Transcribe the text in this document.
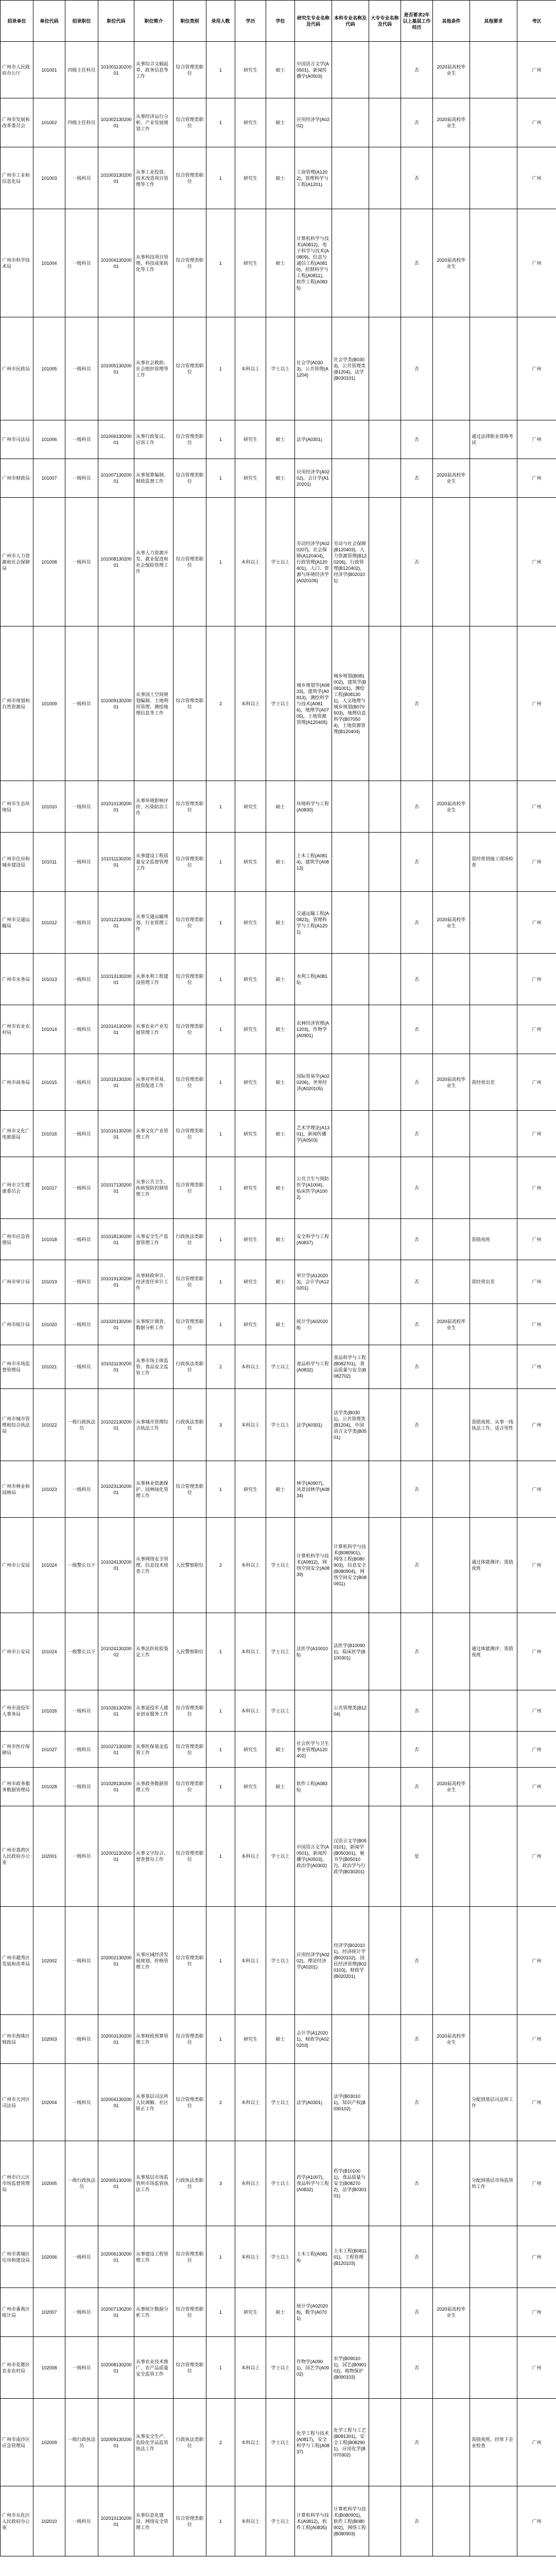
招录单位	单位代码	招录职位	职位代码	职位简介	职位类别	录用人数	学历	学位	研究生专业名称及代码	本科专业名称及代码	大专专业名称及代码	是否要求2年以上基层工作经历	其他条件	其他要求	考区
广州市人民政府办公厅	101001	四级主任科员	10100113020001	从事综合文稿起草、政务信息等工作	综合管理类职位	1	研究生	硕士	中国语言文学(A0501)，新闻传播学(A0503)			否	2020届高校毕业生		广州
广州市发展和改革委员会	101002	四级主任科员	10100213020001	从事经济运行分析、产业发展规划工作	综合管理类职位	1	研究生	硕士	应用经济学(A0202)			否	2020届高校毕业生		广州
广州市工业和信息化局	101003	一级科员	10100313020001	从事工业投资、技术改造项目管理等工作	综合管理类职位	1	研究生	硕士	工商管理(A1202)，管理科学与工程(A1201)			否			广州
广州市科学技术局	101004	一级科员	10100413020001	从事科技项目管理、科技成果转化等工作	综合管理类职位	1	研究生	硕士	计算机科学与技术(A0812)，电子科学与技术(A0809)，信息与通信工程(A0810)，控制科学与工程(A0811)，软件工程(A0835)			否	2020届高校毕业生		广州
广州市民政局	101005	一级科员	10100513020001	从事社会救助、社会组织管理等工作	综合管理类职位	1	本科以上	学士以上	社会学(A0303)，公共管理(A1204)	社会学类(B0303)，公共管理类(B1204)，法学(B030101)		否			广州
广州市司法局	101006	一级科员	10100613020001	从事行政复议、应诉工作	综合管理类职位	1	研究生	硕士	法学(A0301)			否		通过法律职业资格考试	广州
广州市财政局	101007	一级科员	10100713020001	从事预算编制、财政监督工作	综合管理类职位	1	研究生	硕士	应用经济学(A0202)，会计学(A120201)			否	2020届高校毕业生		广州
广州市人力资源和社会保障局	101008	一级科员	10100813020001	从事人力资源开发、就业促进和社会保险管理工作	综合管理类职位	1	本科以上	学士以上	劳动经济学(A020207)，社会保障(A120404)，行政管理(A120401)，人口、资源与环境经济学(A020106)	劳动与社会保障(B120403)，人力资源管理(B120206)，行政管理(B120402)，经济学(B020101)		否			广州
广州市规划和自然资源局	101009	一级科员	10100913020001	从事国土空间规划编制、土地利用管理、测绘地理信息等工作	综合管理类职位	2	本科以上	学士以上	城乡规划学(A0833)，建筑学(A0813)，测绘科学与技术(A0816)，地理学(A0705)，土地资源管理(A120405)	城乡规划(B081002)，建筑学(B081001)，测绘工程(B081301)，人文地理与城乡规划(B070503)，地理信息科学(B070504)，土地资源管理(B120404)		否			广州
广州市生态环境局	101010	一级科员	10101013020001	从事环境影响评价、污染防治工作	综合管理类职位	1	研究生	硕士	环境科学与工程(A0830)			否	2020届高校毕业生		广州
广州市住房和城乡建设局	101011	一级科员	10101113020001	从事建设工程质量安全监督管理工作	综合管理类职位	1	研究生	硕士	土木工程(A0814)，建筑学(A0813)			否		需经常到施工现场检查	广州
广州市交通运输局	101012	一级科员	10101213020001	从事交通运输规划、行业管理工作	综合管理类职位	1	研究生	硕士	交通运输工程(A0823)，管理科学与工程(A1201)			否	2020届高校毕业生		广州
广州市水务局	101013	一级科员	10101313020001	从事水利工程建设管理工作	综合管理类职位	1	研究生	硕士	水利工程(A0815)			否			广州
广州市农业农村局	101014	一级科员	10101413020001	从事农业产业发展管理工作	综合管理类职位	1	研究生	硕士	农林经济管理(A1203)，作物学(A0901)			否			广州
广州市商务局	101015	一级科员	10101513020001	从事对外贸易、投资促进工作	综合管理类职位	1	研究生	硕士	国际贸易学(A020206)，世界经济(A020105)			否	2020届高校毕业生	需经常出差	广州
广州市文化广电旅游局	101016	一级科员	10101613020001	从事文化产业管理工作	综合管理类职位	1	研究生	硕士	艺术学理论(A1301)，新闻传播学(A0503)			否			广州
广州市卫生健康委员会	101017	一级科员	10101713020001	从事公共卫生、疾病预防控制管理工作	综合管理类职位	1	研究生	硕士	公共卫生与预防医学(A1004)，临床医学(A1002)			否			广州
广州市应急管理局	101018	一级科员	10101813020001	从事安全生产监督管理工作	行政执法类职位	1	研究生	硕士	安全科学与工程(A0837)			否		需值夜班	广州
广州市审计局	101019	一级科员	10101913020001	从事财政审计、经济责任审计工作	综合管理类职位	1	研究生	硕士	审计学(A120203)，会计学(A120201)			否		需经常出差	广州
广州市统计局	101020	一级科员	10102013020001	从事统计调查、数据分析工作	综合管理类职位	1	研究生	硕士	统计学(A020208)			否	2020届高校毕业生		广州
广州市市场监督管理局	101021	一级科员	10102113020001	从事市场主体监管、食品安全监管工作	行政执法类职位	2	本科以上	学士以上	食品科学与工程(A0832)	食品科学与工程(B082701)，食品质量与安全(B082702)		否			广州
广州市城市管理和综合执法局	101022	一级行政执法员	10102213020001	从事城市管理综合执法工作	行政执法类职位	3	本科以上	学士以上	法学(A0301)	法学类(B0301)，公共管理类(B1204)，中国语言文学类(B0501)		否		需值夜班、从事一线执法工作，适合男性	广州
广州市林业和园林局	101023	一级科员	10102313020001	从事林业资源保护、园林绿化管理工作	综合管理类职位	1	研究生	硕士	林学(A0907)，风景园林学(A0834)			否			广州
广州市公安局	101024	一级警长以下	10102413020001	从事网络安全管理、信息技术侦查工作	人民警察职位	2	本科以上	学士以上	计算机科学与技术(A0812)，网络空间安全(A0839)	计算机科学与技术(B080901)，网络工程(B080903)，信息安全(B080904)，网络空间安全(B080911)		否		通过体能测评；需值夜班	广州
广州市公安局	101024	一级警长以下	10102413020002	从事法医检验鉴定工作	人民警察职位	1	本科以上	学士以上	法医学(A100105)	法医学(B100901)，临床医学(B100301)		否		通过体能测评；需值夜班	广州
广州市退役军人事务局	101026	一级科员	10102613020001	从事退役军人就业创业服务工作	综合管理类职位	1	本科以上	学士以上		公共管理类(B1204)		否			广州
广州市医疗保障局	101027	一级科员	10102713020001	从事医保基金监管工作	综合管理类职位	1	研究生	硕士	社会医学与卫生事业管理(A120402)			否			广州
广州市政务服务数据管理局	101028	一级科员	10102813020001	从事政务数据管理工作	综合管理类职位	1	研究生	硕士	软件工程(A0835)			否	2020届高校毕业生		广州
广州市荔湾区人民政府办公室	102001	一级科员	10200113020001	从事文字综合、督查督办工作	综合管理类职位	1	本科以上	学士以上	中国语言文学(A0501)，新闻传播学(A0503)，政治学(A0302)	汉语言文学(B050101)，新闻学(B050301)，秘书学(B050107)，政治学与行政学(B030201)		是			广州
广州市越秀区发展和改革局	102002	一级科员	10200213020001	从事区域经济发展规划、价格管理工作	综合管理类职位	1	本科以上	学士以上	应用经济学(A0202)，理论经济学(A0201)	经济学(B020101)，经济统计学(B020102)，国民经济管理(B020103)，财政学(B020201)		否			广州
广州市海珠区财政局	102003	一级科员	10200313020001	从事财政预算管理工作	综合管理类职位	1	研究生	硕士	会计学(A120201)，财政学(A020203)			否	2020届高校毕业生		广州
广州市天河区司法局	102004	一级科员	10200413020001	从事基层司法所人民调解、社区矫正工作	综合管理类职位	2	本科以上	学士以上	法学(A0301)	法学(B030101)，知识产权(B030102)		否		分配到基层司法所工作	广州
广州市白云区市场监督管理局	102005	一级行政执法员	10200513020001	从事基层市场监管所市场监管执法工作	行政执法类职位	3	本科以上	学士以上	药学(A1007)，食品科学与工程(A0832)	药学(B101001)，食品质量与安全(B082702)，法学(B030101)		否		分配到基层市场监管所工作	广州
广州市黄埔区住房和建设局	102006	一级科员	10200613020001	从事建设工程管理工作	综合管理类职位	1	本科以上	学士以上	土木工程(A0814)	土木工程(B081101)，工程管理(B120103)		否			广州
广州市番禺区统计局	102007	一级科员	10200713020001	从事统计数据分析工作	综合管理类职位	1	研究生	硕士	统计学(A020208)，数学(A0701)			否	2020届高校毕业生		广州
广州市花都区农业农村局	102008	一级科员	10200813020001	从事农业技术推广、农产品质量安全监管工作	综合管理类职位	1	本科以上	学士以上	作物学(A0901)，园艺学(A0902)	农学(B090101)，园艺(B090102)，植物保护(B090103)		否			广州
广州市南沙区应急管理局	102009	一级行政执法员	10200913020001	从事安全生产、危险化学品监管执法工作	行政执法类职位	2	本科以上	学士以上	化学工程与技术(A0817)，安全科学与工程(A0837)	化学工程与工艺(B081301)，安全工程(B082901)，应用化学(B070302)		否		需值夜班，经常下企业检查	广州
广州市从化区人民政府办公室	102010	一级科员	10201013020001	从事信息化建设、网络安全管理工作	综合管理类职位	1	本科以上	学士以上	计算机科学与技术(A0812)，软件工程(A0835)	计算机科学与技术(B080901)，软件工程(B080902)，网络工程(B080903)		否			广州
